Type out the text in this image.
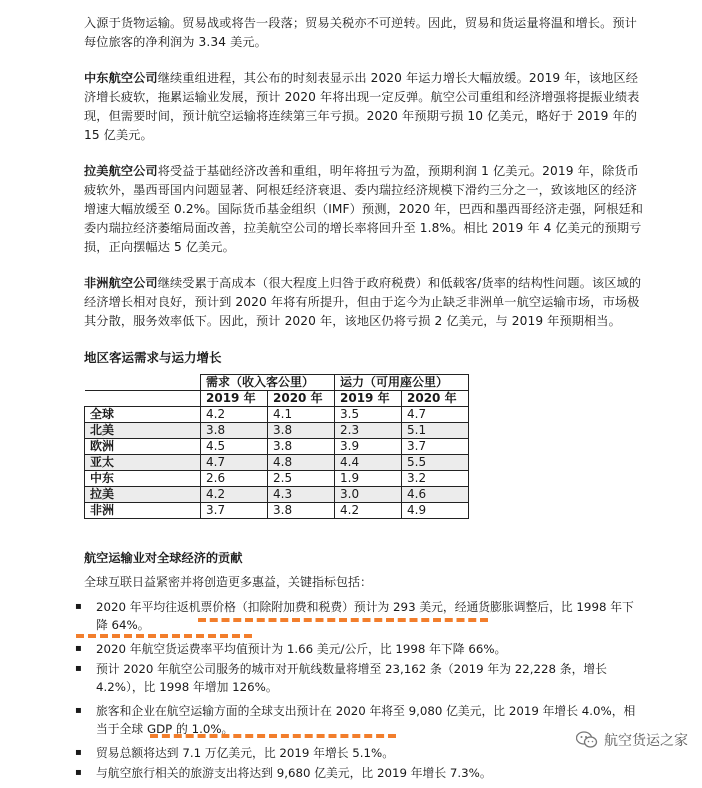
入源于货物运输。贸易战或将告一段落；贸易关税亦不可逆转。因此，贸易和货运量将温和增长。预计每位旅客的净利润为 3.34 美元。

中东航空公司继续重组进程，其公布的时刻表显示出 2020 年运力增长大幅放缓。2019 年，该地区经济增长疲软，拖累运输业发展，预计 2020 年将出现一定反弹。航空公司重组和经济增强将提振业绩表现，但需要时间，预计航空运输将连续第三年亏损。2020 年预期亏损 10 亿美元，略好于 2019 年的 15 亿美元。

拉美航空公司将受益于基础经济改善和重组，明年将扭亏为盈，预期利润 1 亿美元。2019 年，除货币疲软外，墨西哥国内问题显著、阿根廷经济衰退、委内瑞拉经济规模下滑约三分之一，致该地区的经济增速大幅放缓至 0.2%。国际货币基金组织（IMF）预测，2020 年，巴西和墨西哥经济走强，阿根廷和委内瑞拉经济萎缩局面改善，拉美航空公司的增长率将回升至 1.8%。相比 2019 年 4 亿美元的预期亏损，正向摆幅达 5 亿美元。

非洲航空公司继续受累于高成本（很大程度上归咎于政府税费）和低载客/货率的结构性问题。该区域的经济增长相对良好，预计到 2020 年将有所提升，但由于迄今为止缺乏非洲单一航空运输市场，市场极其分散，服务效率低下。因此，预计 2020 年，该地区仍将亏损 2 亿美元，与 2019 年预期相当。

地区客运需求与运力增长
	需求（收入客公里）		运力（可用座公里）	
	2019 年	2020 年	2019 年	2020 年
全球	4.2	4.1	3.5	4.7
北美	3.8	3.8	2.3	5.1
欧洲	4.5	3.8	3.9	3.7
亚太	4.7	4.8	4.4	5.5
中东	2.6	2.5	1.9	3.2
拉美	4.2	4.3	3.0	4.6
非洲	3.7	3.8	4.2	4.9
航空运输业对全球经济的贡献

全球互联日益紧密并将创造更多惠益，关键指标包括：

▪ 2020 年平均往返机票价格（扣除附加费和税费）预计为 293 美元，经通货膨胀调整后，比 1998 年下降 64%。
▪ 2020 年航空货运费率平均值预计为 1.66 美元/公斤，比 1998 年下降 66%。
▪ 预计 2020 年航空公司服务的城市对开航线数量将增至 23,162 条（2019 年为 22,228 条，增长 4.2%），比 1998 年增加 126%。
▪ 旅客和企业在航空运输方面的全球支出预计在 2020 年将至 9,080 亿美元，比 2019 年增长 4.0%，相当于全球 GDP 的 1.0%。
▪ 贸易总额将达到 7.1 万亿美元，比 2019 年增长 5.1%。
▪ 与航空旅行相关的旅游支出将达到 9,680 亿美元，比 2019 年增长 7.3%。
航空货运之家
